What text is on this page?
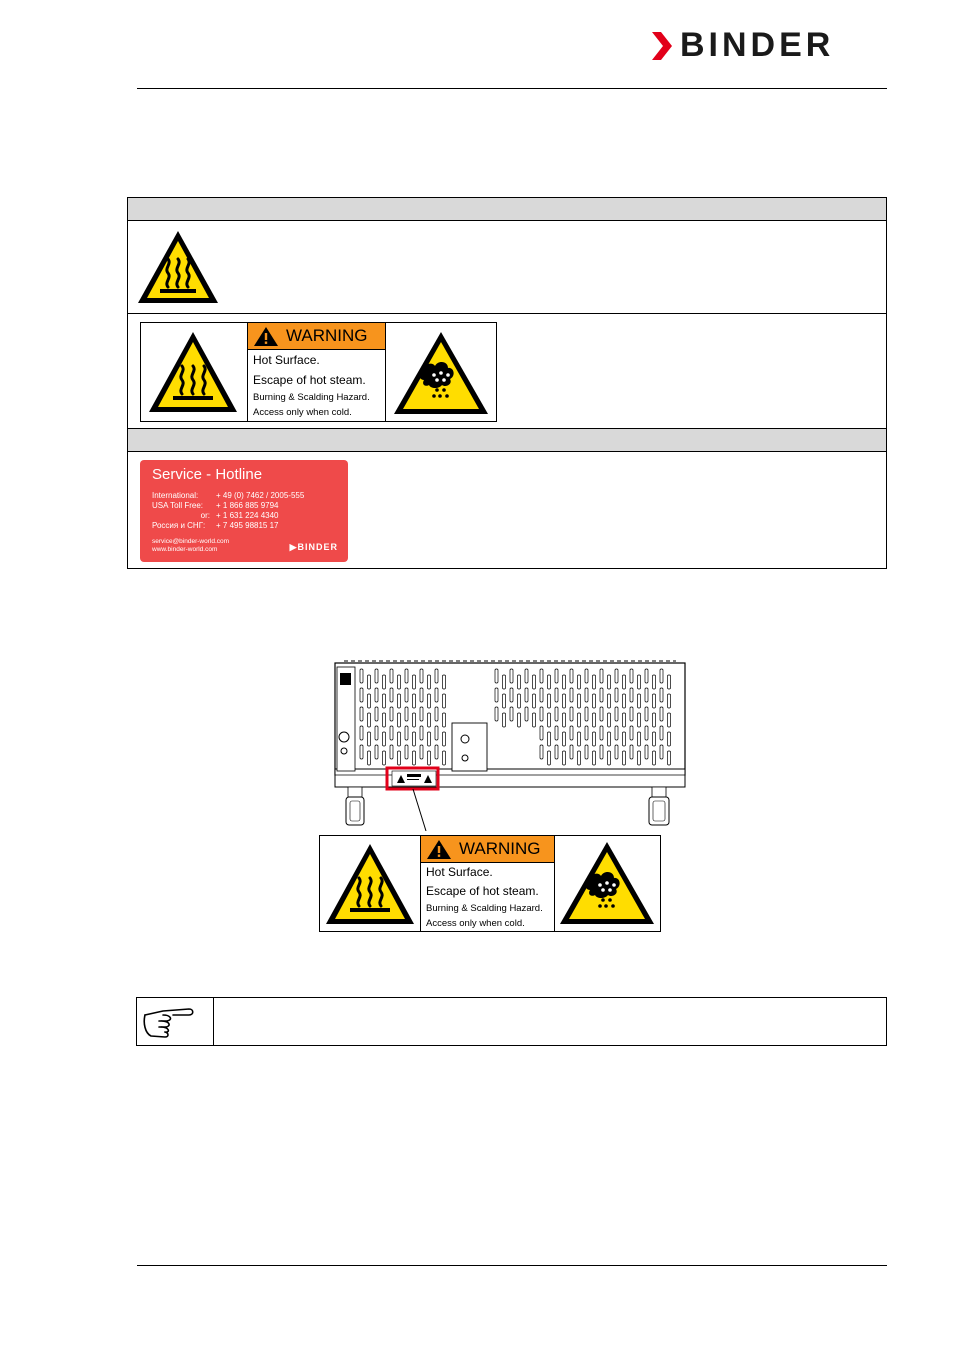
BINDER
WARNING
Hot Surface.
Escape of hot steam.
Burning & Scalding Hazard.
Access only when cold.
Service - Hotline
International: + 49 (0) 7462 / 2005-555
USA Toll Free: + 1 866 885 9794
or: + 1 631 224 4340
Россия и СНГ: + 7 495 98815 17
service@binder-world.com
www.binder-world.com	▶BINDER
WARNING
Hot Surface.
Escape of hot steam.
Burning & Scalding Hazard.
Access only when cold.
